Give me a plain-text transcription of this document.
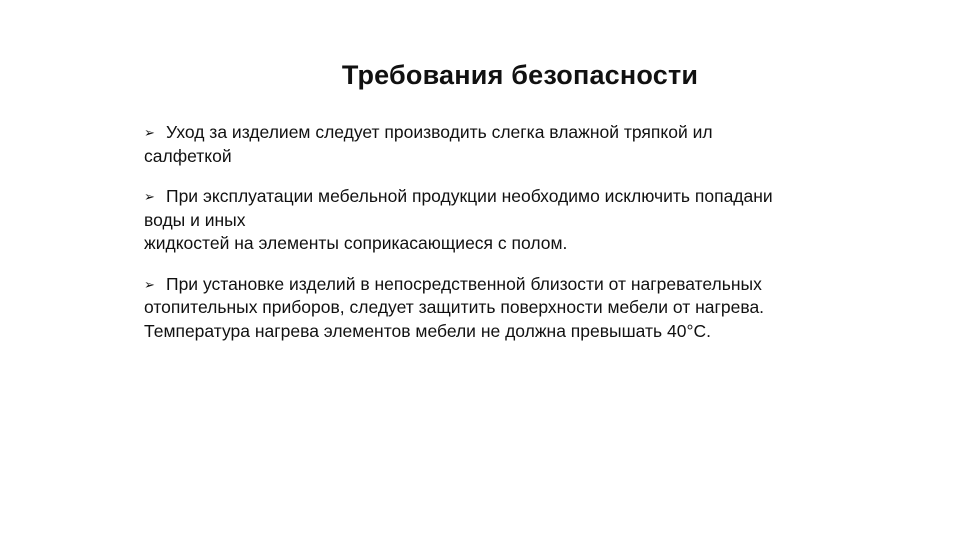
Требования безопасности
➢ Уход за изделием следует производить слегка влажной тряпкой ил
салфеткой
➢ При эксплуатации мебельной продукции необходимо исключить попадани
воды и иных
жидкостей на элементы соприкасающиеся с полом.
➢ При установке изделий в непосредственной близости от нагревательных
отопительных приборов, следует защитить поверхности мебели от нагрева.
Температура нагрева элементов мебели не должна превышать 40°С.
